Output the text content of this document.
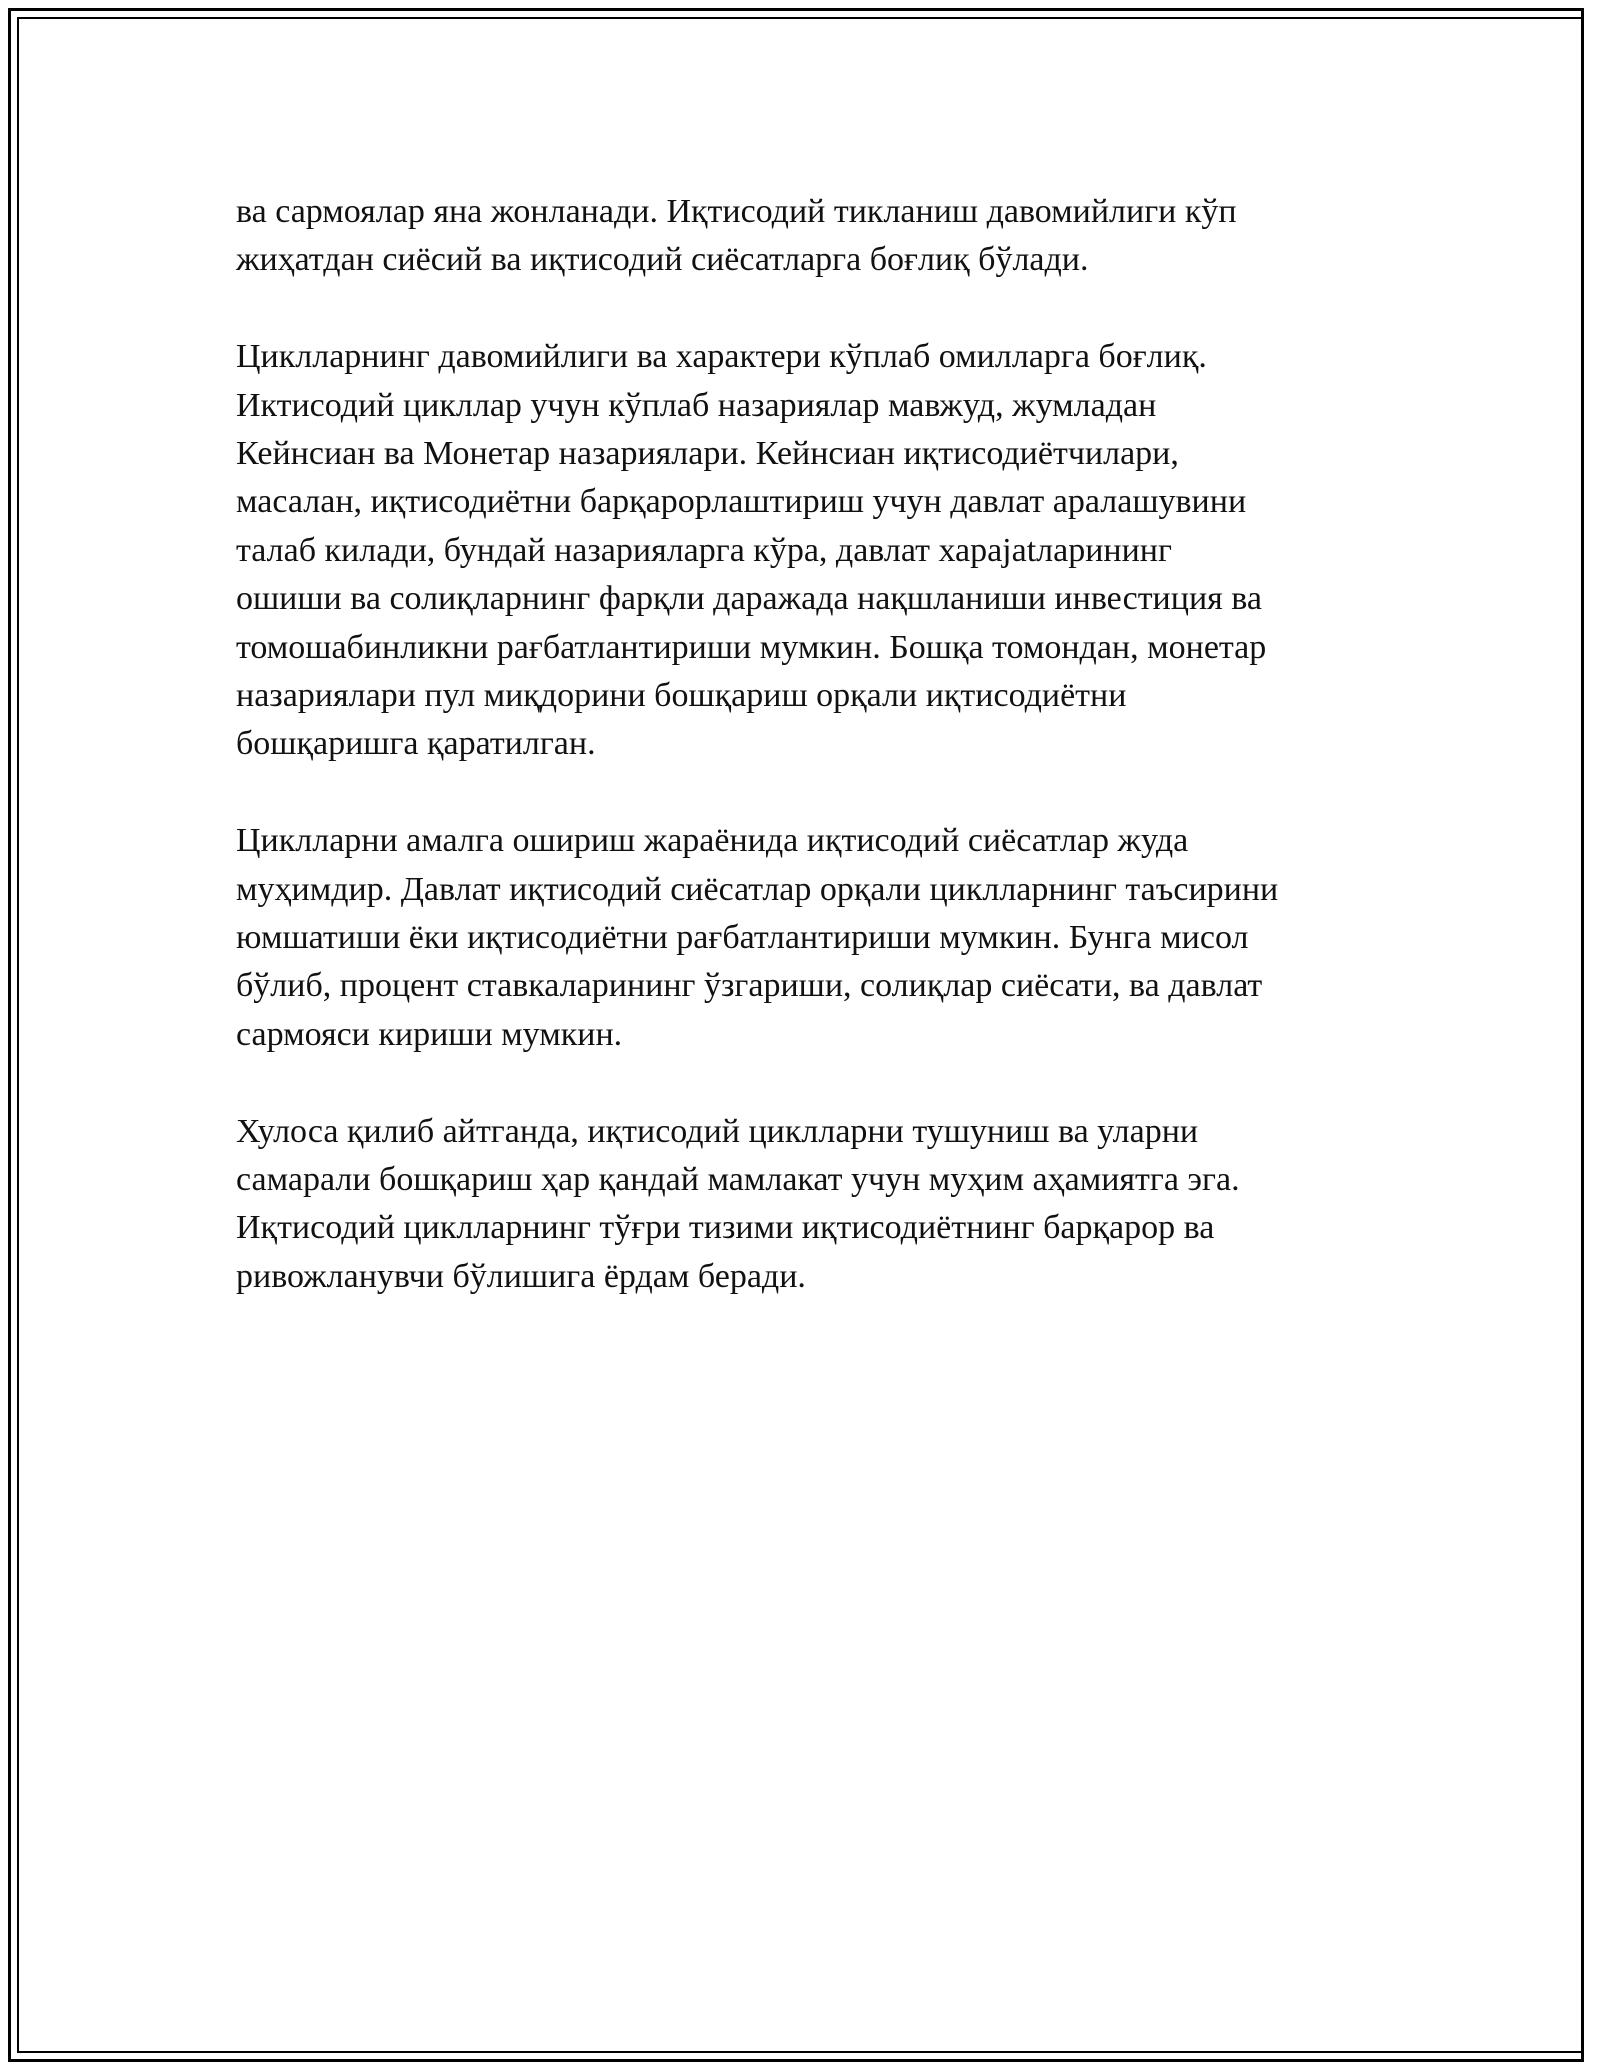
ва сармоялар яна жонланади. Иқтисодий тикланиш давомийлиги кўп
жиҳатдан сиёсий ва иқтисодий сиёсатларга боғлиқ бўлади.

Циклларнинг давомийлиги ва характери кўплаб омилларга боғлиқ.
Иктисодий цикллар учун кўплаб назариялар мавжуд, жумладан
Кейнсиан ва Монетар назариялари. Кейнсиан иқтисодиётчилари,
масалан, иқтисодиётни барқарорлаштириш учун давлат аралашувини
талаб килади, бундай назарияларга кўра, давлат харајatларининг
ошиши ва солиқларнинг фарқли даражада нақшланиши инвестиция ва
томошабинликни рағбатлантириши мумкин. Бошқа томондан, монетар
назариялари пул миқдорини бошқариш орқали иқтисодиётни
бошқаришга қаратилган.

Циклларни амалга ошириш жараёнида иқтисодий сиёсатлар жуда
муҳимдир. Давлат иқтисодий сиёсатлар орқали циклларнинг таъсирини
юмшатиши ёки иқтисодиётни рағбатлантириши мумкин. Бунга мисол
бўлиб, процент ставкаларининг ўзгариши, солиқлар сиёсати, ва давлат
сармояси кириши мумкин.

Хулоса қилиб айтганда, иқтисодий циклларни тушуниш ва уларни
самарали бошқариш ҳар қандай мамлакат учун муҳим аҳамиятга эга.
Иқтисодий циклларнинг тўғри тизими иқтисодиётнинг барқарор ва
ривожланувчи бўлишига ёрдам беради.
